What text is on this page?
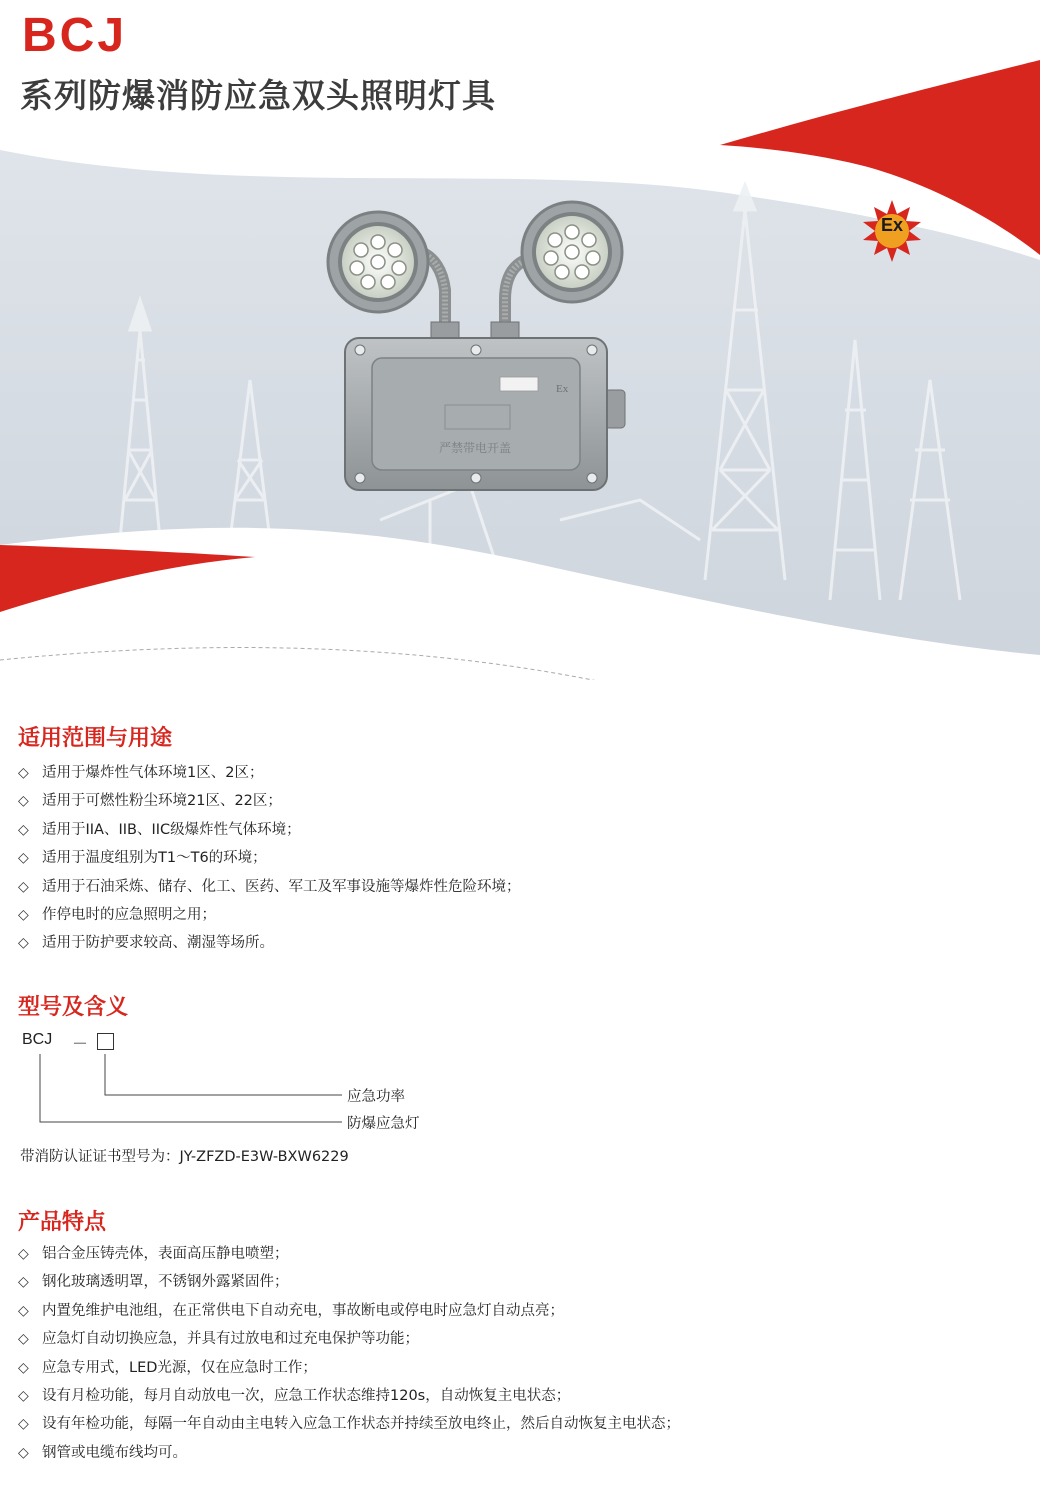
严禁带电开盖
Ex
BCJ
系列防爆消防应急双头照明灯具
Ex
适用范围与用途
◇ 适用于爆炸性气体环境1区、2区；
◇ 适用于可燃性粉尘环境21区、22区；
◇ 适用于IIA、IIB、IIC级爆炸性气体环境；
◇ 适用于温度组别为T1～T6的环境；
◇ 适用于石油采炼、储存、化工、医药、军工及军事设施等爆炸性危险环境；
◇ 作停电时的应急照明之用；
◇ 适用于防护要求较高、潮湿等场所。
型号及含义
BCJ －
应急功率
防爆应急灯
带消防认证证书型号为：JY-ZFZD-E3W-BXW6229
产品特点
◇ 铝合金压铸壳体，表面高压静电喷塑；
◇ 钢化玻璃透明罩，不锈钢外露紧固件；
◇ 内置免维护电池组，在正常供电下自动充电，事故断电或停电时应急灯自动点亮；
◇ 应急灯自动切换应急，并具有过放电和过充电保护等功能；
◇ 应急专用式，LED光源，仅在应急时工作；
◇ 设有月检功能，每月自动放电一次，应急工作状态维持120s，自动恢复主电状态；
◇ 设有年检功能，每隔一年自动由主电转入应急工作状态并持续至放电终止，然后自动恢复主电状态；
◇ 钢管或电缆布线均可。
